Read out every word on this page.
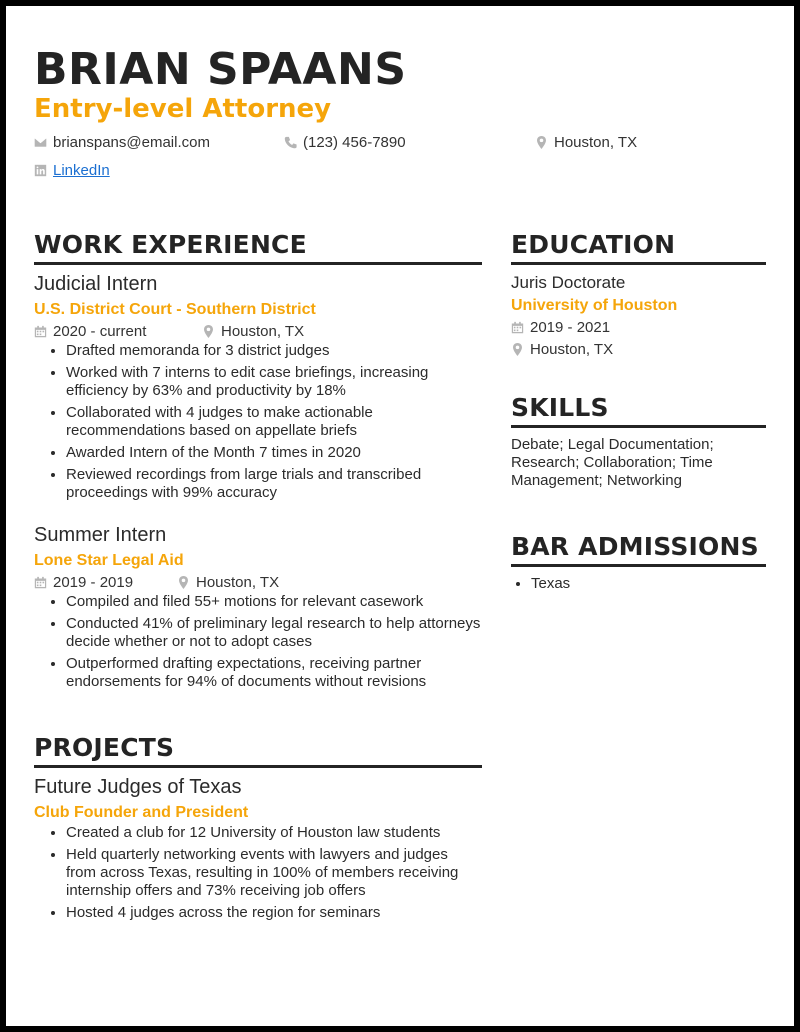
BRIAN SPAANS
Entry-level Attorney
brianspans@email.com	(123) 456-7890	Houston, TX
LinkedIn
WORK EXPERIENCE
Judicial Intern
U.S. District Court - Southern District
2020 - current	Houston, TX
• Drafted memoranda for 3 district judges
• Worked with 7 interns to edit case briefings, increasing efficiency by 63% and productivity by 18%
• Collaborated with 4 judges to make actionable recommendations based on appellate briefs
• Awarded Intern of the Month 7 times in 2020
• Reviewed recordings from large trials and transcribed proceedings with 99% accuracy
Summer Intern
Lone Star Legal Aid
2019 - 2019	Houston, TX
• Compiled and filed 55+ motions for relevant casework
• Conducted 41% of preliminary legal research to help attorneys decide whether or not to adopt cases
• Outperformed drafting expectations, receiving partner endorsements for 94% of documents without revisions
PROJECTS
Future Judges of Texas
Club Founder and President
• Created a club for 12 University of Houston law students
• Held quarterly networking events with lawyers and judges from across Texas, resulting in 100% of members receiving internship offers and 73% receiving job offers
• Hosted 4 judges across the region for seminars
EDUCATION
Juris Doctorate
University of Houston
2019 - 2021
Houston, TX
SKILLS
Debate; Legal Documentation; Research; Collaboration; Time Management; Networking
BAR ADMISSIONS
• Texas
